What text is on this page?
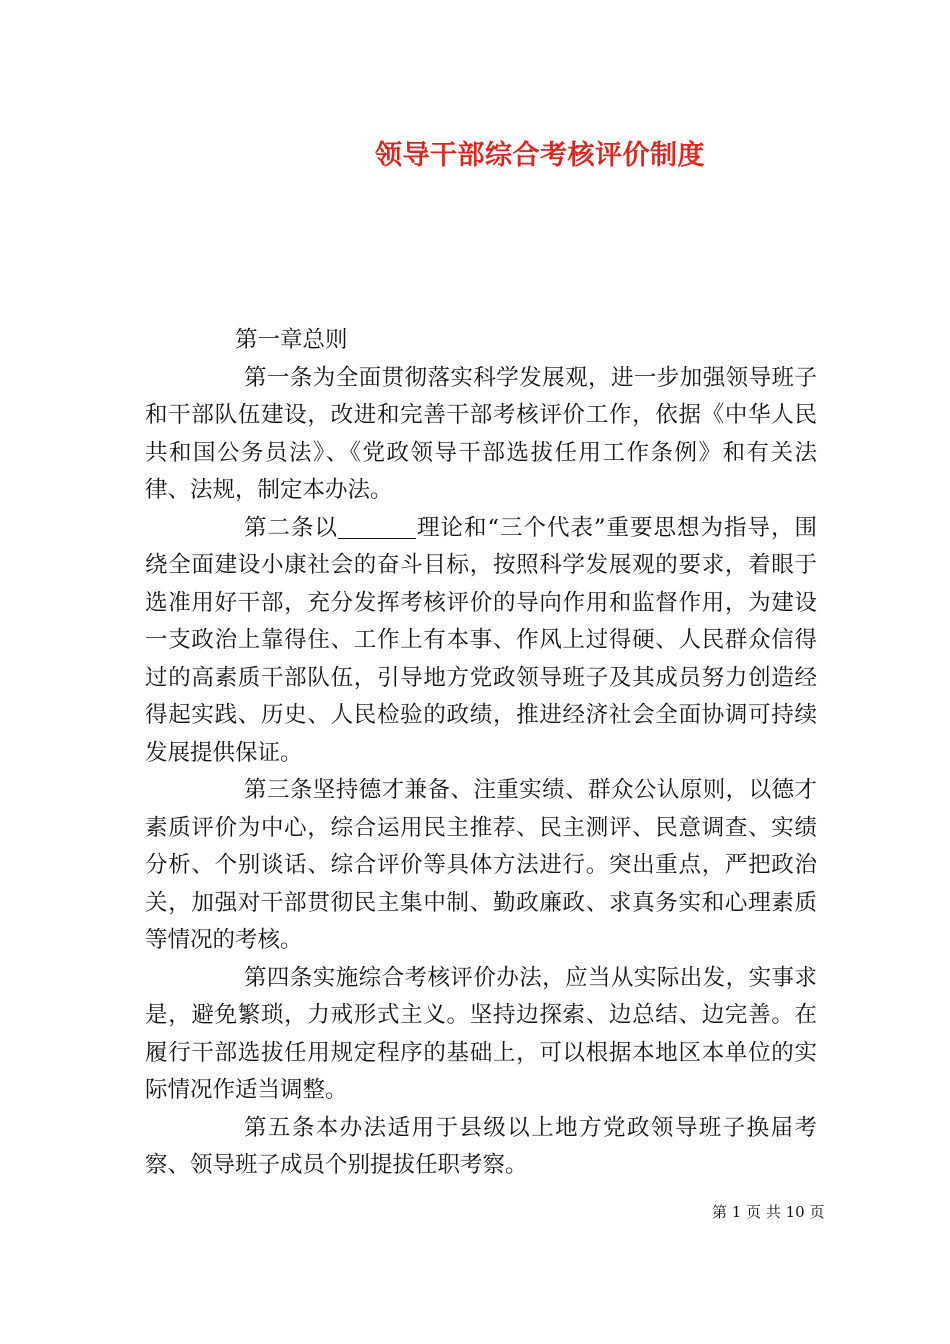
领导干部综合考核评价制度

第一章总则

第一条为全面贯彻落实科学发展观，进一步加强领导班子和干部队伍建设，改进和完善干部考核评价工作，依据《中华人民共和国公务员法》、《党政领导干部选拔任用工作条例》和有关法律、法规，制定本办法。

第二条以	理论和“三个代表”重要思想为指导，围绕全面建设小康社会的奋斗目标，按照科学发展观的要求，着眼于选准用好干部，充分发挥考核评价的导向作用和监督作用，为建设一支政治上靠得住、工作上有本事、作风上过得硬、人民群众信得过的高素质干部队伍，引导地方党政领导班子及其成员努力创造经得起实践、历史、人民检验的政绩，推进经济社会全面协调可持续发展提供保证。

第三条坚持德才兼备、注重实绩、群众公认原则，以德才素质评价为中心，综合运用民主推荐、民主测评、民意调查、实绩分析、个别谈话、综合评价等具体方法进行。突出重点，严把政治关，加强对干部贯彻民主集中制、勤政廉政、求真务实和心理素质等情况的考核。

第四条实施综合考核评价办法，应当从实际出发，实事求是，避免繁琐，力戒形式主义。坚持边探索、边总结、边完善。在履行干部选拔任用规定程序的基础上，可以根据本地区本单位的实际情况作适当调整。

第五条本办法适用于县级以上地方党政领导班子换届考察、领导班子成员个别提拔任职考察。

第 1 页 共 10 页
